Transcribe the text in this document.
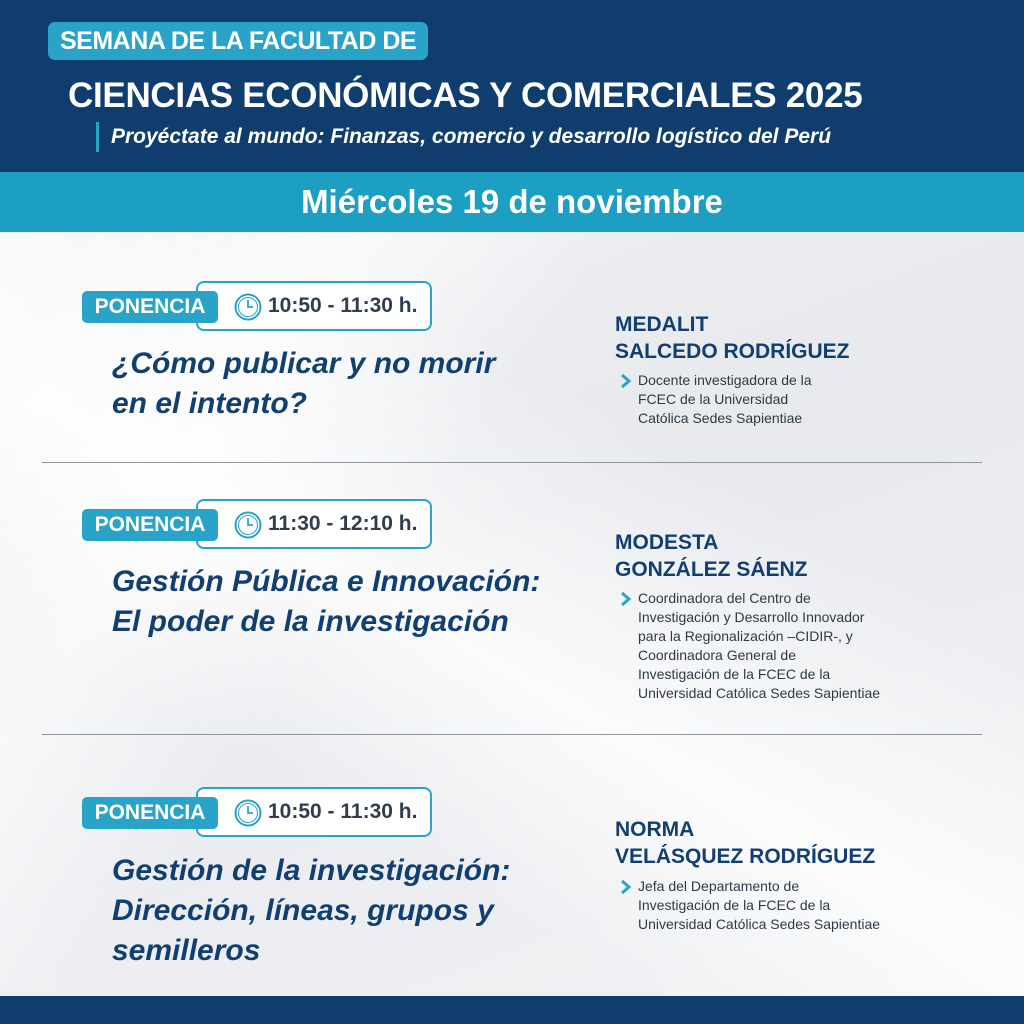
SEMANA DE LA FACULTAD DE
CIENCIAS ECONÓMICAS Y COMERCIALES 2025
Proyéctate al mundo: Finanzas, comercio y desarrollo logístico del Perú
Miércoles 19 de noviembre
PONENCIA	10:50 - 11:30 h.
¿Cómo publicar y no morir
en el intento?
MEDALIT
SALCEDO RODRÍGUEZ
Docente investigadora de la
FCEC de la Universidad
Católica Sedes Sapientiae
PONENCIA	11:30 - 12:10 h.
Gestión Pública e Innovación:
El poder de la investigación
MODESTA
GONZÁLEZ SÁENZ
Coordinadora del Centro de
Investigación y Desarrollo Innovador
para la Regionalización –CIDIR-, y
Coordinadora General de
Investigación de la FCEC de la
Universidad Católica Sedes Sapientiae
PONENCIA	10:50 - 11:30 h.
Gestión de la investigación:
Dirección, líneas, grupos y
semilleros
NORMA
VELÁSQUEZ RODRÍGUEZ
Jefa del Departamento de
Investigación de la FCEC de la
Universidad Católica Sedes Sapientiae
